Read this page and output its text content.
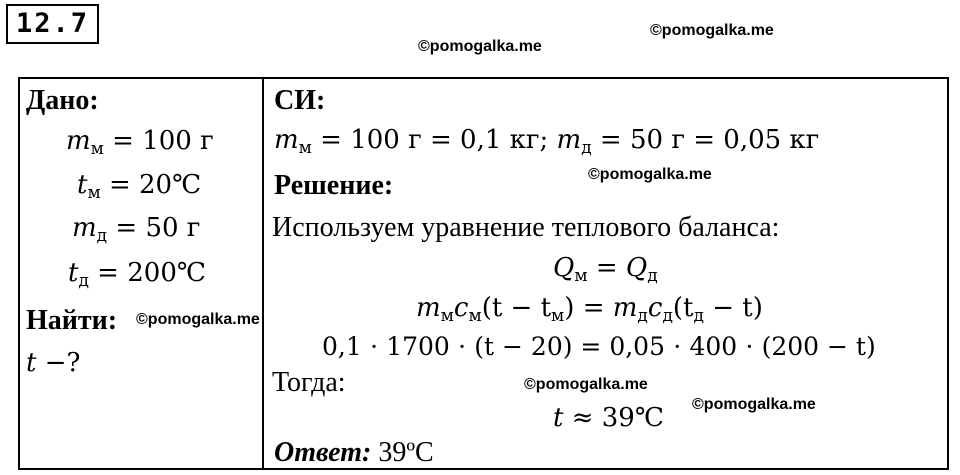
12.7
©pomogalka.me
©pomogalka.me
©pomogalka.me
©pomogalka.me
©pomogalka.me
©pomogalka.me
Дано:
$m_м = 100$ г
$t_м$ = 20℃
$m_д = 50$ г
$t_д$ = 200℃
Найти:
t −?
СИ:
$m_м = 100$ г = 0,1 кг; $m_д = 50$ г = 0,05 кг
Решение:
Используем уравнение теплового баланса:
$Q_м = Q_д$
$m_мc_м(t - t_м) = m_дc_д(t_д - t)$
0,1 ⋅ 1700 ⋅ (t − 20) = 0,05 ⋅ 400 ⋅ (200 − t)
Тогда:
t ≈ 39℃
Ответ: 39ºC
